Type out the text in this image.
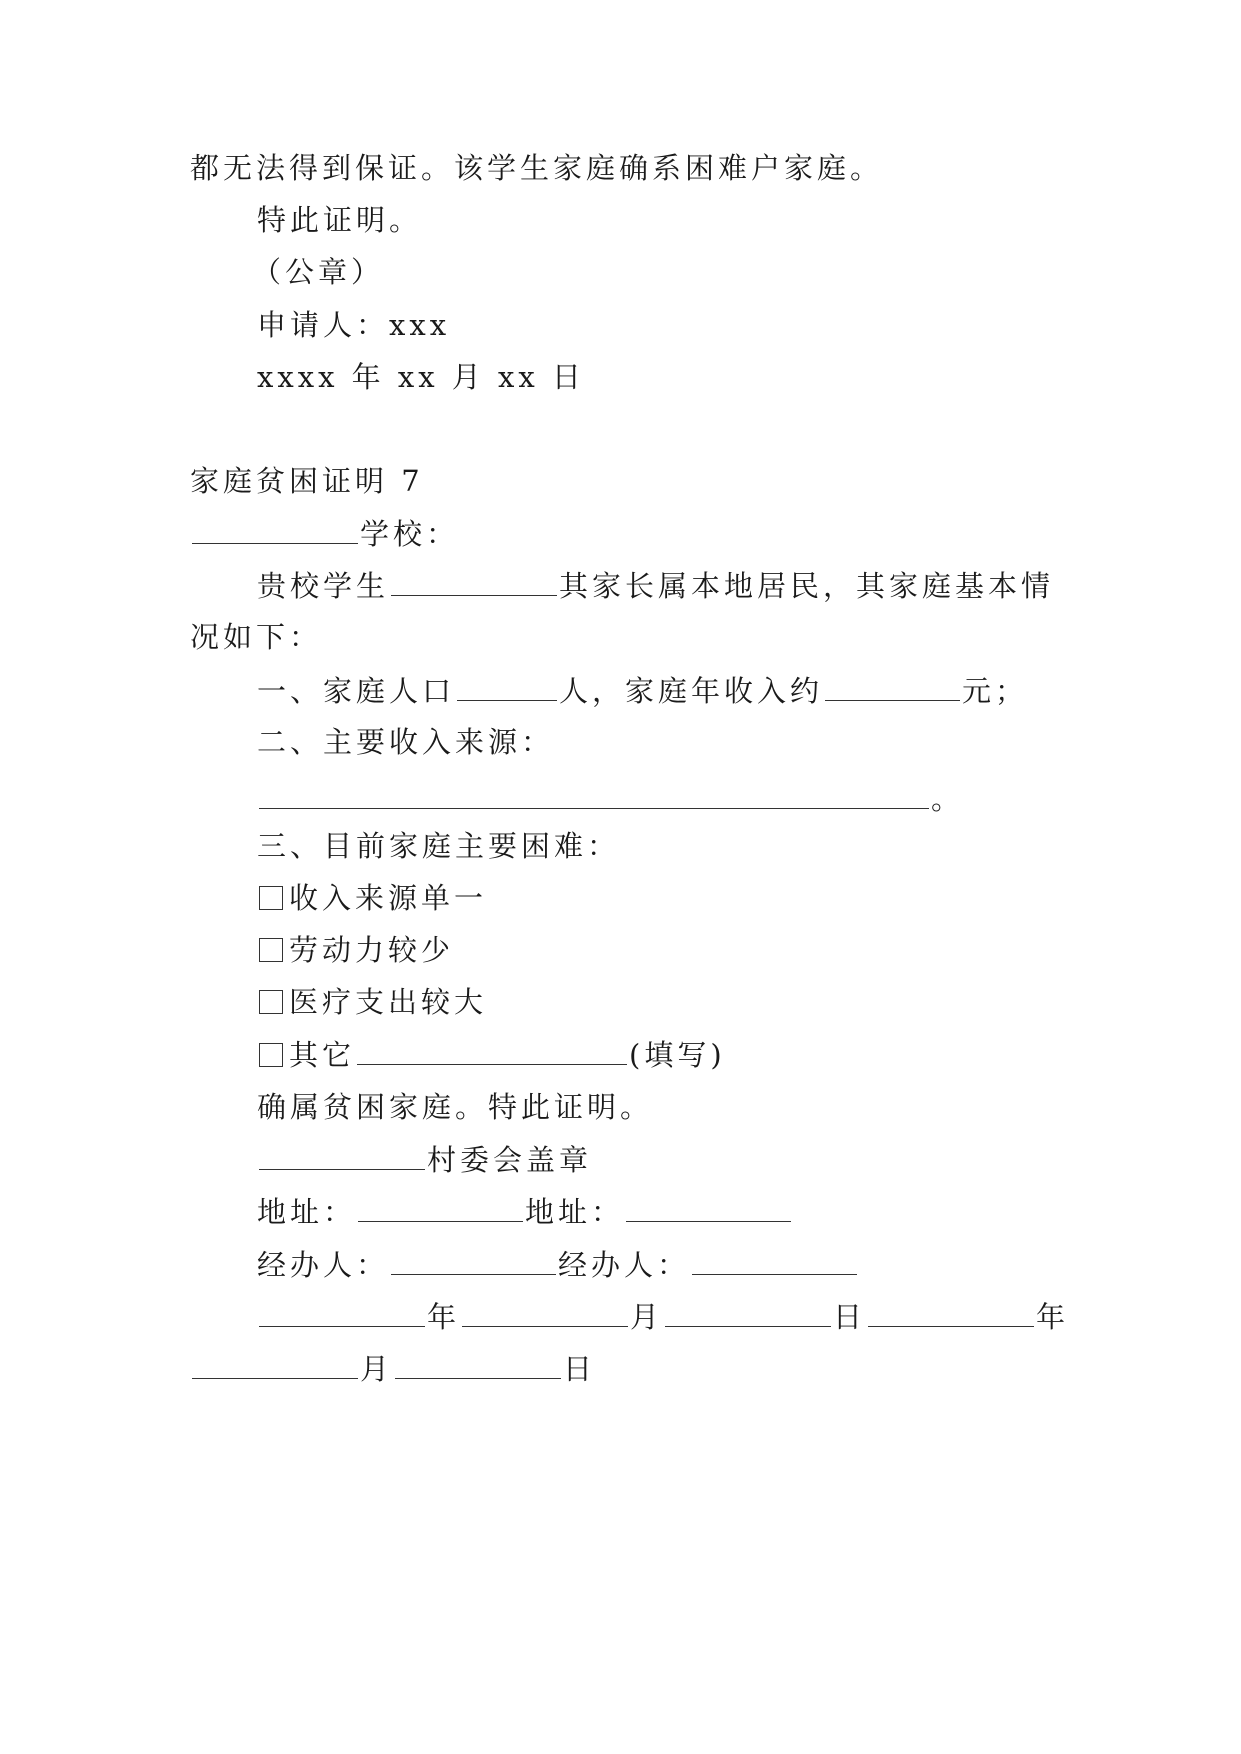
都无法得到保证。该学生家庭确系困难户家庭。
特此证明。
（公章）
申请人：xxx
xxxx 年 xx 月 xx 日
家庭贫困证明 7
学校：
贵校学生	其家长属本地居民，其家庭基本情
况如下：
一、家庭人口	人，家庭年收入约	元；
二、主要收入来源：
。
三、目前家庭主要困难：
收入来源单一
劳动力较少
医疗支出较大
其它	(填写)
确属贫困家庭。特此证明。
村委会盖章
地址：	地址：
经办人：	经办人：
年	月	日	年
月	日
